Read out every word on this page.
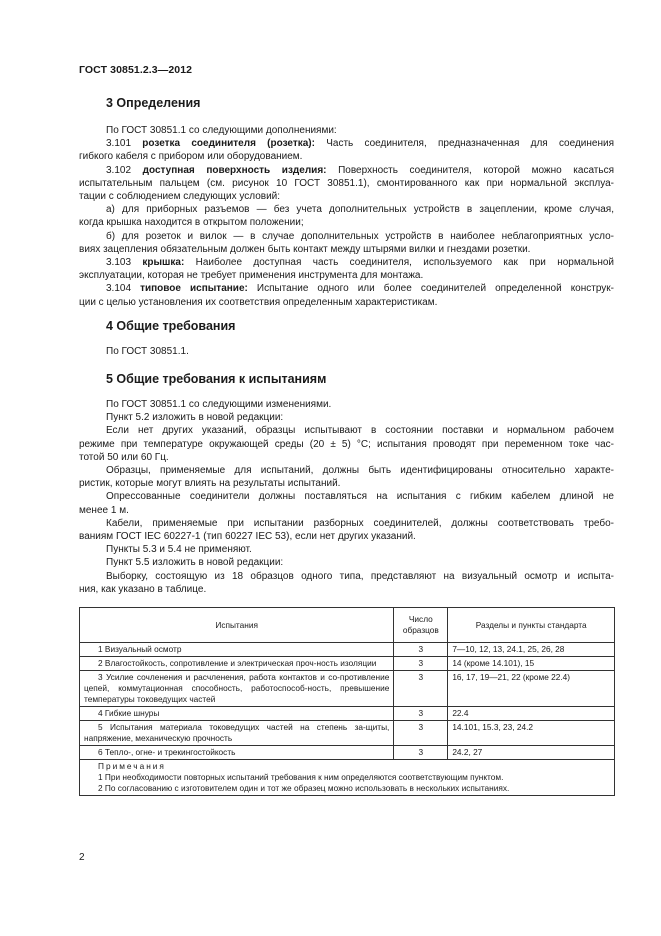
ГОСТ 30851.2.3—2012
3 Определения

По ГОСТ 30851.1 со следующими дополнениями:

3.101 розетка соединителя (розетка): Часть соединителя, предназначенная для соединения

гибкого кабеля с прибором или оборудованием.

3.102 доступная поверхность изделия: Поверхность соединителя, которой можно касаться

испытательным пальцем (см. рисунок 10 ГОСТ 30851.1), смонтированного как при нормальной эксплуа-

тации с соблюдением следующих условий:

а) для приборных разъемов — без учета дополнительных устройств в зацеплении, кроме случая,

когда крышка находится в открытом положении;

б) для розеток и вилок — в случае дополнительных устройств в наиболее неблагоприятных усло-

виях зацепления обязательным должен быть контакт между штырями вилки и гнездами розетки.

3.103 крышка: Наиболее доступная часть соединителя, используемого как при нормальной

эксплуатации, которая не требует применения инструмента для монтажа.

3.104 типовое испытание: Испытание одного или более соединителей определенной конструк-

ции с целью установления их соответствия определенным характеристикам.

4 Общие требования

По ГОСТ 30851.1.

5 Общие требования к испытаниям

По ГОСТ 30851.1 со следующими изменениями.

Пункт 5.2 изложить в новой редакции:

Если нет других указаний, образцы испытывают в состоянии поставки и нормальном рабочем

режиме при температуре окружающей среды (20 ± 5) °С; испытания проводят при переменном токе час-

тотой 50 или 60 Гц.

Образцы, применяемые для испытаний, должны быть идентифицированы относительно характе-

ристик, которые могут влиять на результаты испытаний.

Опрессованные соединители должны поставляться на испытания с гибким кабелем длиной не

менее 1 м.

Кабели, применяемые при испытании разборных соединителей, должны соответствовать требо-

ваниям ГОСТ IEC 60227-1 (тип 60227 IEC 53), если нет других указаний.

Пункты 5.3 и 5.4 не применяют.

Пункт 5.5 изложить в новой редакции:

Выборку, состоящую из 18 образцов одного типа, представляют на визуальный осмотр и испыта-

ния, как указано в таблице.

Испытания	Число образцов	Разделы и пункты стандарта
1 Визуальный осмотр	3	7—10, 12, 13, 24.1, 25, 26, 28
2 Влагостойкость, сопротивление и электрическая проч-ность изоляции	3	14 (кроме 14.101), 15
3 Усилие сочленения и расчленения, работа контактов и со-противление цепей, коммутационная способность, работоспособ-ность, превышение температуры токоведущих частей	3	16, 17, 19—21, 22 (кроме 22.4)
4 Гибкие шнуры	3	22.4
5 Испытания материала токоведущих частей на степень за-щиты, напряжение, механическую прочность	3	14.101, 15.3, 23, 24.2
6 Тепло-, огне- и трекингостойкость	3	24.2, 27

Примечания

1 При необходимости повторных испытаний требования к ним определяются соответствующим пунктом.

2 По согласованию с изготовителем один и тот же образец можно использовать в нескольких испытаниях.		

2
